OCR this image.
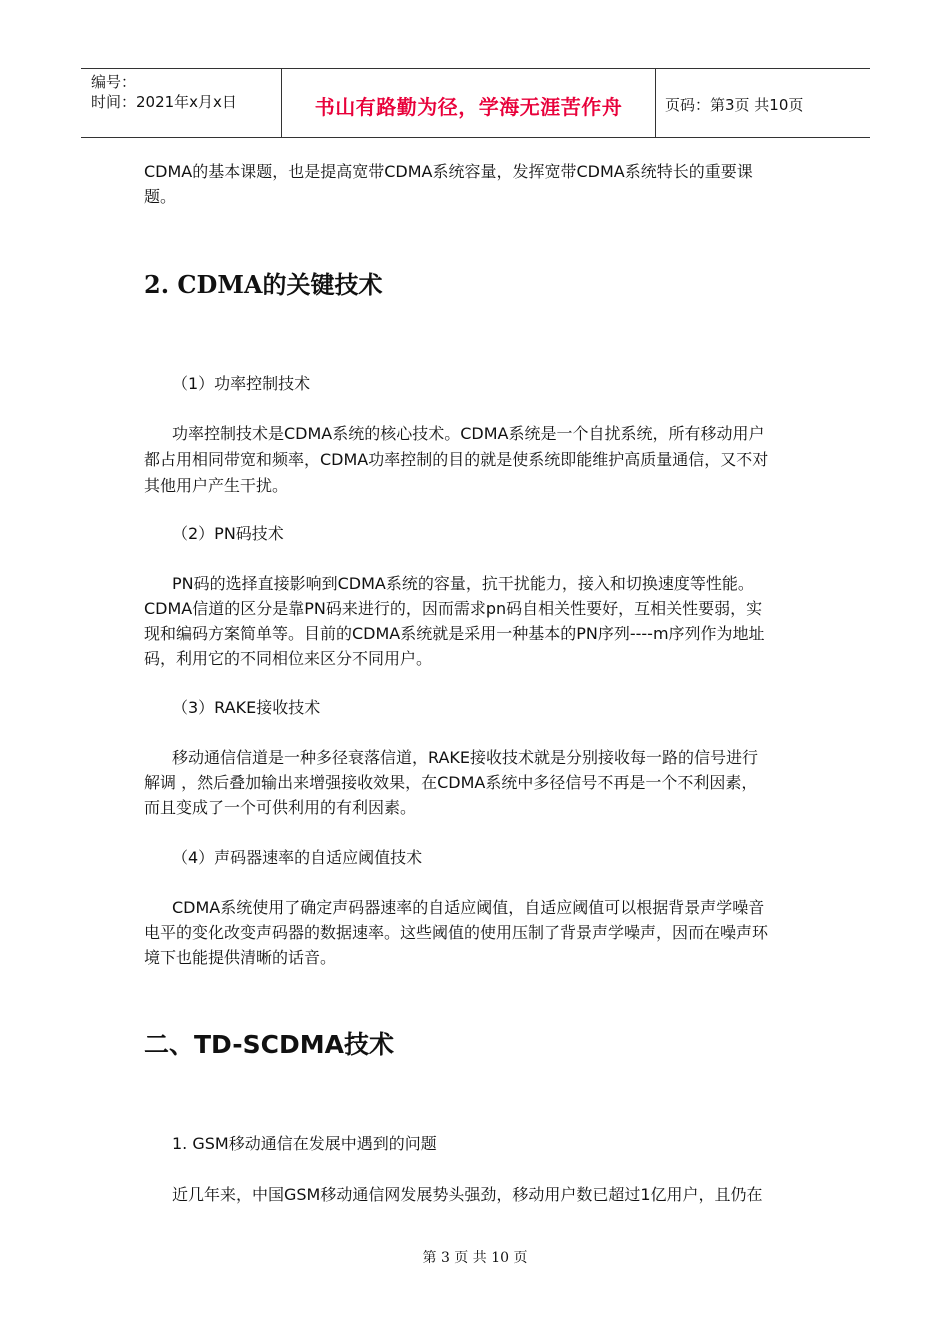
编号：
时间：2021年x月x日	书山有路勤为径，学海无涯苦作舟	页码：第3页 共10页
CDMA的基本课题，也是提高宽带CDMA系统容量，发挥宽带CDMA系统特长的重要课
题。
2. CDMA的关键技术
（1）功率控制技术
功率控制技术是CDMA系统的核心技术。CDMA系统是一个自扰系统，所有移动用户
都占用相同带宽和频率，CDMA功率控制的目的就是使系统即能维护高质量通信，又不对
其他用户产生干扰。
（2）PN码技术
PN码的选择直接影响到CDMA系统的容量，抗干扰能力，接入和切换速度等性能。
CDMA信道的区分是靠PN码来进行的，因而需求pn码自相关性要好，互相关性要弱，实
现和编码方案简单等。目前的CDMA系统就是采用一种基本的PN序列----m序列作为地址
码，利用它的不同相位来区分不同用户。
（3）RAKE接收技术
移动通信信道是一种多径衰落信道，RAKE接收技术就是分别接收每一路的信号进行
解调 ，然后叠加输出来增强接收效果，在CDMA系统中多径信号不再是一个不利因素，
而且变成了一个可供利用的有利因素。
（4）声码器速率的自适应阈值技术
CDMA系统使用了确定声码器速率的自适应阈值，自适应阈值可以根据背景声学噪音
电平的变化改变声码器的数据速率。这些阈值的使用压制了背景声学噪声，因而在噪声环
境下也能提供清晰的话音。
二、TD-SCDMA技术
1. GSM移动通信在发展中遇到的问题
近几年来，中国GSM移动通信网发展势头强劲，移动用户数已超过1亿用户，且仍在
第 3 页 共 10 页
